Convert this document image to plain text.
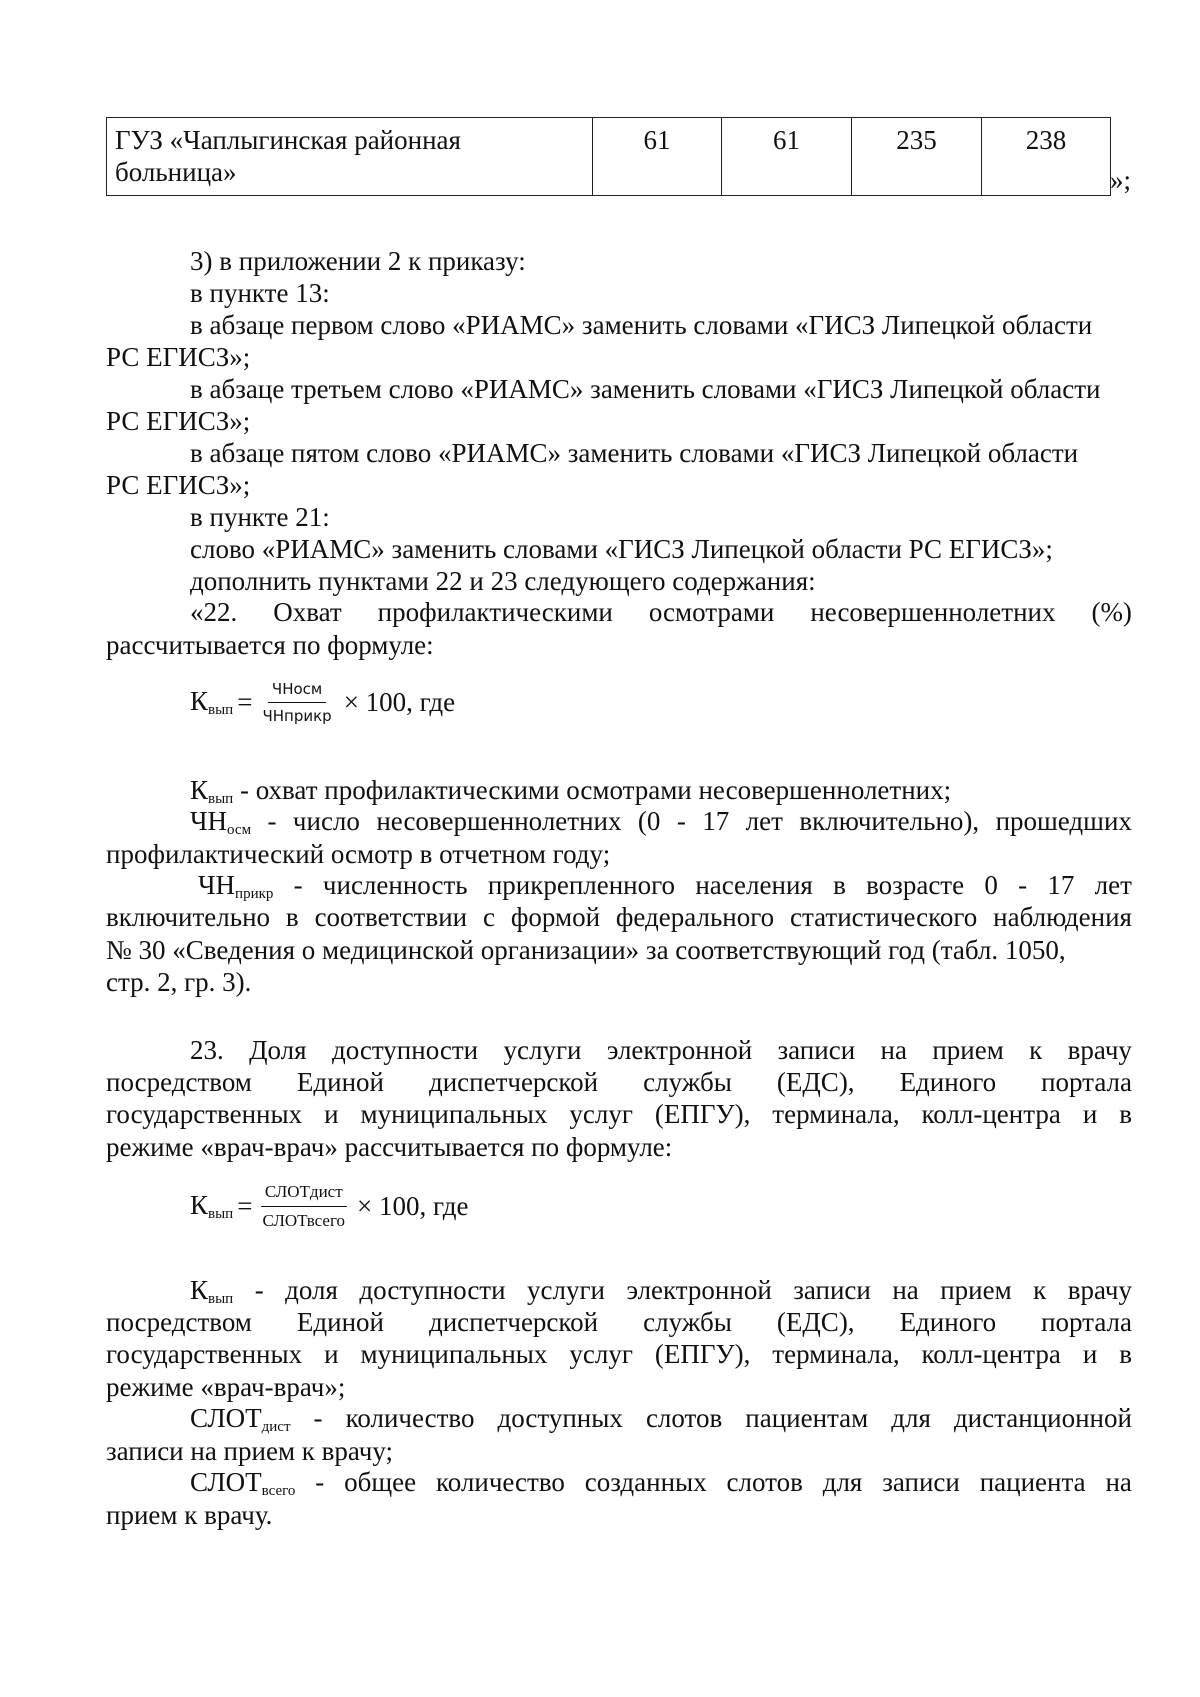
ГУЗ «Чаплыгинская районная
больница»
	61	61	235	238
»;
3) в приложении 2 к приказу:
в пункте 13:
в абзаце первом слово «РИАМС» заменить словами «ГИСЗ Липецкой области
РС ЕГИСЗ»;
в абзаце третьем слово «РИАМС» заменить словами «ГИСЗ Липецкой области
РС ЕГИСЗ»;
в абзаце пятом слово «РИАМС» заменить словами «ГИСЗ Липецкой области
РС ЕГИСЗ»;
в пункте 21:
слово «РИАМС» заменить словами «ГИСЗ Липецкой области РС ЕГИСЗ»;
дополнить пунктами 22 и 23 следующего содержания:
«22. Охват профилактическими осмотрами несовершеннолетних (%)
рассчитывается по формуле:
$К_{вып} = \frac{\text{ЧНосм}}{\text{ЧНприкр}} \times 100$, где
$К_{вып}$ - охват профилактическими осмотрами несовершеннолетних;
$ЧН_{осм}$ - число несовершеннолетних (0 - 17 лет включительно), прошедших
профилактический осмотр в отчетном году;
$ЧН_{прикр}$ - численность прикрепленного населения в возрасте 0 - 17 лет
включительно в соответствии с формой федерального статистического наблюдения
№ 30 «Сведения о медицинской организации» за соответствующий год (табл. 1050,
стр. 2, гр. 3).
23. Доля доступности услуги электронной записи на прием к врачу
посредством Единой диспетчерской службы (ЕДС), Единого портала
государственных и муниципальных услуг (ЕПГУ), терминала, колл-центра и в
режиме «врач-врач» рассчитывается по формуле:
$К_{вып} = \frac{\text{СЛОТдист}}{\text{СЛОТвсего}} \times 100$, где
$К_{вып}$ - доля доступности услуги электронной записи на прием к врачу
посредством Единой диспетчерской службы (ЕДС), Единого портала
государственных и муниципальных услуг (ЕПГУ), терминала, колл-центра и в
режиме «врач-врач»;
$СЛОТ_{дист}$ - количество доступных слотов пациентам для дистанционной
записи на прием к врачу;
$СЛОТ_{всего}$ - общее количество созданных слотов для записи пациента на
прием к врачу.
